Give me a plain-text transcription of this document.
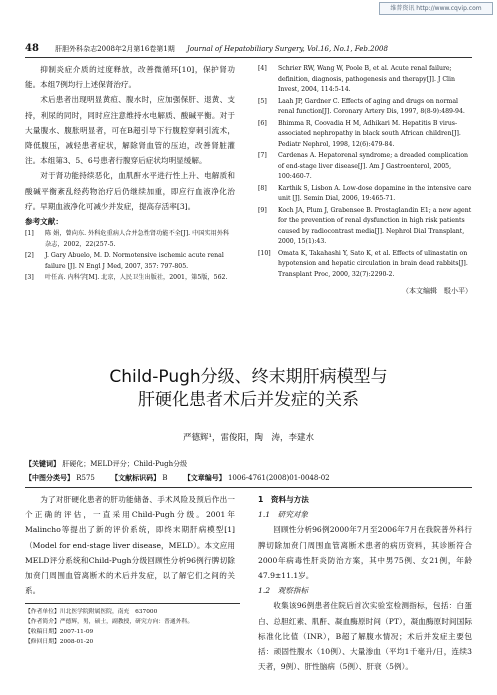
维普资讯 http://www.cqvip.com
48 肝胆外科杂志2008年2月第16卷第1期 Journal of Hepatobiliary Surgery, Vol.16, No.1, Feb.2008

抑制炎症介质的过度释放，改善微循环[10]，保护肾功能。本组7例均行上述保肾治疗。

术后患者出现明显黄疸、腹水时，应加强保肝、退黄、支持，利尿的同时，同时应注意维持水电解质、酸碱平衡。对于大量腹水、腹胀明显者，可在B超引导下行腹腔穿刺引流术，降低腹压，减轻患者症状，解除肾血管的压迫，改善肾脏灌注。本组第3、5、6号患者行腹穿后症状均明显缓解。

对于肾功能持续恶化，血肌酐水平进行性上升、电解质和酸碱平衡紊乱经药物治疗后仍继续加重，即应行血液净化治疗。早期血液净化可减少并发症，提高存活率[3]。

参考文献：

[1] 陈 娟，曾向东. 外科危重病人合并急性肾功能不全[J]. 中国实用外科杂志，2002，22(257-5.
[2] J. Gary Abuelo, M. D. Normotensive ischemic acute renal failure [J]. N Engl J Med, 2007, 357: 797-805.
[3] 叶任高. 内科学[M]. 北京，人民卫生出版社，2001，第5版，562.
[4] Schrier RW, Wang W, Poole B, et al. Acute renal failure; definition, diagnosis, pathogenesis and therapy[J]. J Clin Invest, 2004, 114:5-14.
[5] Laah JP, Gardner C. Effects of aging and drugs on normal renal function[J]. Coronary Artery Dis, 1997, 8(8-9):489-94.
[6] Bhimma R, Coovadia H M, Adhikari M. Hepatitis B virus-associated nephropathy in black south African children[J]. Pediatr Nephrol, 1998, 12(6):479-84.
[7] Cardenas A. Hepatorenal syndrome; a dreaded complication of end-stage liver disease[J]. Am J Gastroenterol, 2005, 100:460-7.
[8] Karthik S, Lisbon A. Low-dose dopamine in the intensive care unit [J]. Semin Dial, 2006, 19:465-71.
[9] Koch JA, Plum J, Grabensee B. Prostaglandin E1; a new agent for the prevention of renal dysfunction in high risk patients caused by radiocontrast media[J]. Nephrol Dial Transplant, 2000, 15(1):43.
[10] Omata K, Takahashi Y, Sato K, et al. Effects of ulinastatin on hypotension and hepatic circulation in brain dead rabbits[J]. Transplant Proc, 2000, 32(7):2290-2.
（本文编辑　駁小平）
Child-Pugh分级、终末期肝病模型与
肝硬化患者术后并发症的关系
严德辉¹，雷俊阳，陶　涛，李建水
【关键词】 肝硬化；MELD评分；Child-Pugh分级
【中图分类号】 R575 【文献标识码】 B 【文章编号】 1006-4761(2008)01-0048-02

为了对肝硬化患者的肝功能储备、手术风险及预后作出一个正确的评估，一直采用Child-Pugh分级。2001年Malinchо等提出了新的评价系统，即终末期肝病模型[1]（Model for end-stage liver disease，MELD）。本文应用MELD评分系统和Child-Pugh分级回顾性分析96例行脾切除加贲门周围血管离断术的术后并发症，以了解它们之间的关系。

【作者单位】川北医学院附属医院，南充　637000
【作者简介】严德辉，男，硕士，副教授，研究方向：普通外科。
【收稿日期】2007-11-09
【修回日期】2008-01-20

1　资料与方法

1.1　研究对象

回顾性分析96例2000年7月至2006年7月在我院普外科行脾切除加贲门周围血管离断术患者的病历资料，其诊断符合2000年病毒性肝炎防治方案，其中男75例、女21例，年龄47.9±11.1岁。

1.2　观察指标

收集该96例患者住院后首次实验室检测指标，包括：白蛋白、总胆红素、肌酐、凝血酶原时间（PT），凝血酶原时间国际标准化比值（INR），B超了解腹水情况；术后并发症主要包括：顽固性腹水（10例）、大量渗血（平均1千毫升/日，连续3天者，9例）、肝性脑病（5例）、肝衰（5例）。
